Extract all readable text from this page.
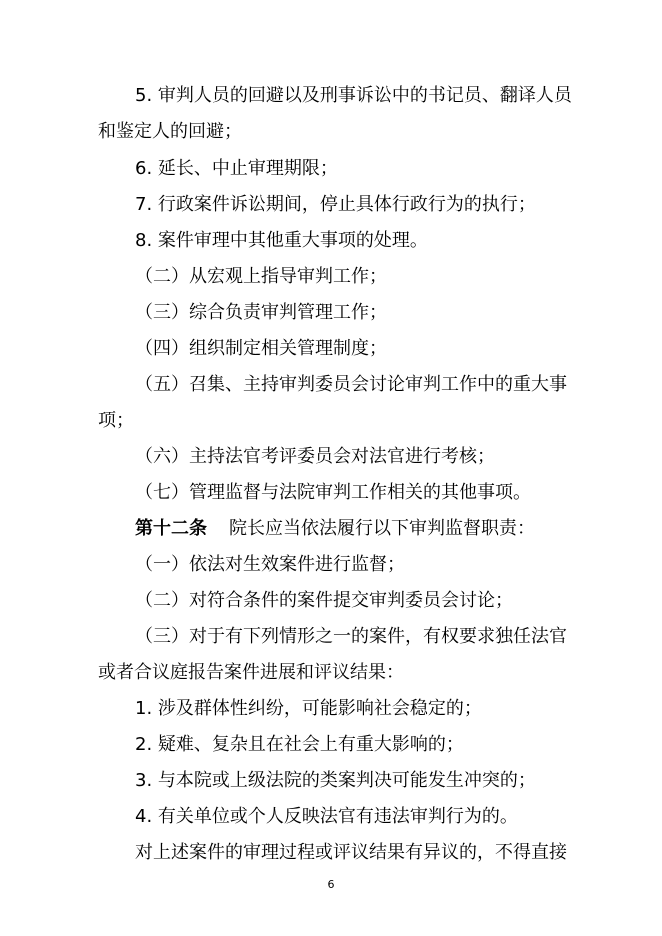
5. 审判人员的回避以及刑事诉讼中的书记员、翻译人员
和鉴定人的回避；
6. 延长、中止审理期限；
7. 行政案件诉讼期间，停止具体行政行为的执行；
8. 案件审理中其他重大事项的处理。
（二）从宏观上指导审判工作；
（三）综合负责审判管理工作；
（四）组织制定相关管理制度；
（五）召集、主持审判委员会讨论审判工作中的重大事
项；
（六）主持法官考评委员会对法官进行考核；
（七）管理监督与法院审判工作相关的其他事项。
第十二条 院长应当依法履行以下审判监督职责：
（一）依法对生效案件进行监督；
（二）对符合条件的案件提交审判委员会讨论；
（三）对于有下列情形之一的案件，有权要求独任法官
或者合议庭报告案件进展和评议结果：
1. 涉及群体性纠纷，可能影响社会稳定的；
2. 疑难、复杂且在社会上有重大影响的；
3. 与本院或上级法院的类案判决可能发生冲突的；
4. 有关单位或个人反映法官有违法审判行为的。
对上述案件的审理过程或评议结果有异议的，不得直接
6
